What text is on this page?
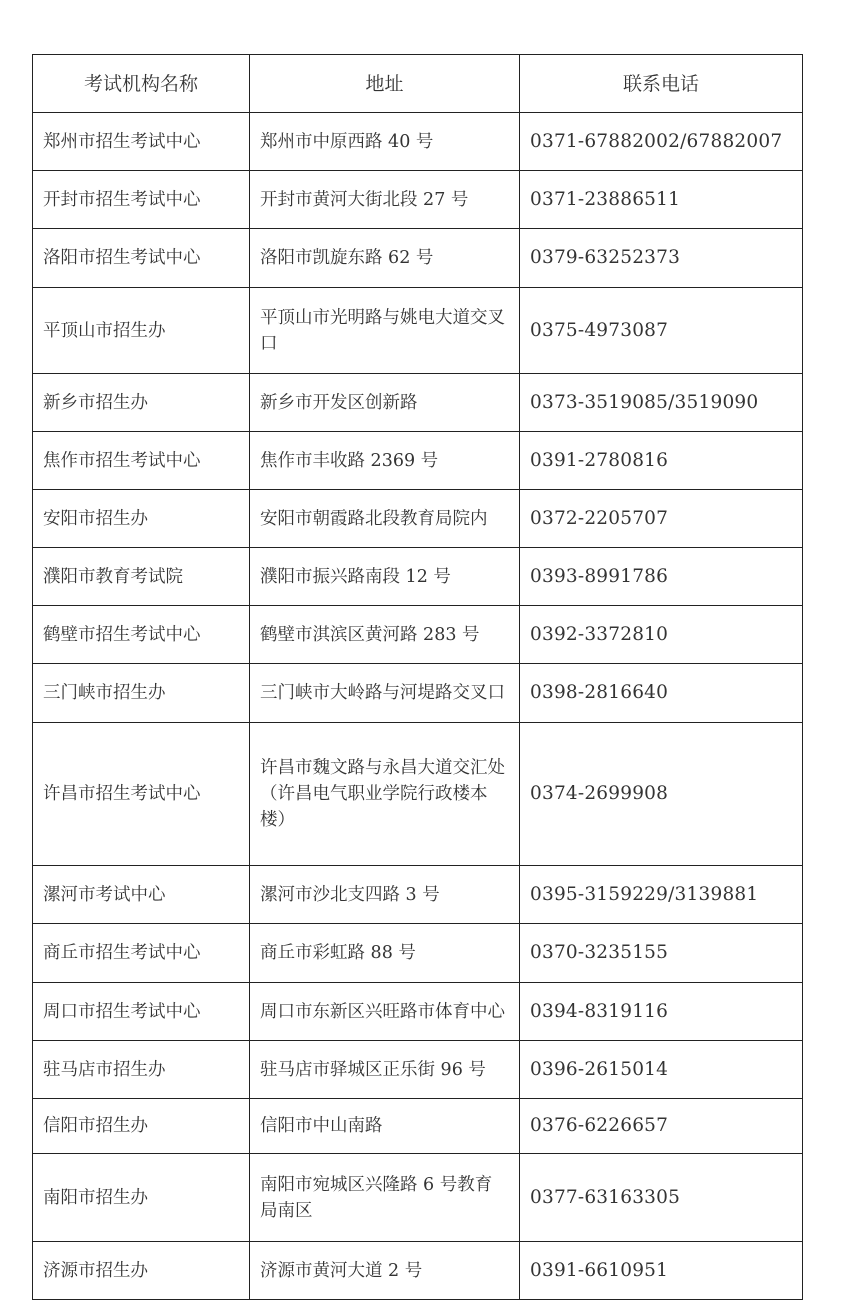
考试机构名称	地址	联系电话
郑州市招生考试中心	郑州市中原西路 40 号	0371-67882002/67882007
开封市招生考试中心	开封市黄河大街北段 27 号	0371-23886511
洛阳市招生考试中心	洛阳市凯旋东路 62 号	0379-63252373
平顶山市招生办	平顶山市光明路与姚电大道交叉口	0375-4973087
新乡市招生办	新乡市开发区创新路	0373-3519085/3519090
焦作市招生考试中心	焦作市丰收路 2369 号	0391-2780816
安阳市招生办	安阳市朝霞路北段教育局院内	0372-2205707
濮阳市教育考试院	濮阳市振兴路南段 12 号	0393-8991786
鹤壁市招生考试中心	鹤壁市淇滨区黄河路 283 号	0392-3372810
三门峡市招生办	三门峡市大岭路与河堤路交叉口	0398-2816640
许昌市招生考试中心	许昌市魏文路与永昌大道交汇处（许昌电气职业学院行政楼本楼）	0374-2699908
漯河市考试中心	漯河市沙北支四路 3 号	0395-3159229/3139881
商丘市招生考试中心	商丘市彩虹路 88 号	0370-3235155
周口市招生考试中心	周口市东新区兴旺路市体育中心	0394-8319116
驻马店市招生办	驻马店市驿城区正乐街 96 号	0396-2615014
信阳市招生办	信阳市中山南路	0376-6226657
南阳市招生办	南阳市宛城区兴隆路 6 号教育局南区	0377-63163305
济源市招生办	济源市黄河大道 2 号	0391-6610951
